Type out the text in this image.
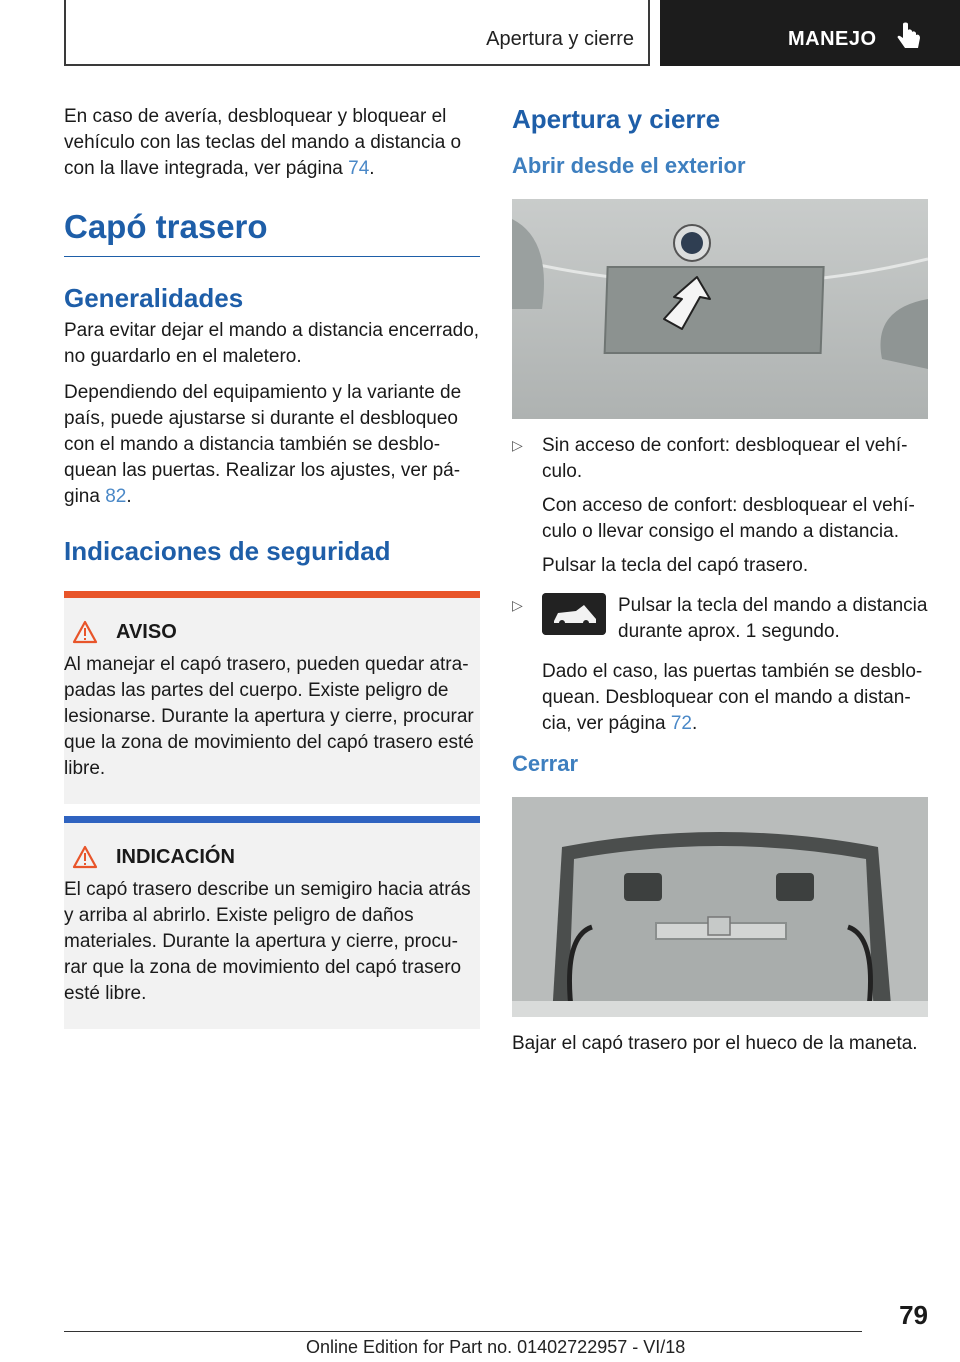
Apertura y cierre	MANEJO

En caso de avería, desbloquear y bloquear el vehículo con las teclas del mando a distancia o con la llave integrada, ver página 74.

Capó trasero
Generalidades

Para evitar dejar el mando a distancia encerrado, no guardarlo en el maletero.

Dependiendo del equipamiento y la variante de país, puede ajustarse si durante el desbloqueo con el mando a distancia también se desbloquean las puertas. Realizar los ajustes, ver página 82.

Indicaciones de seguridad
AVISO

Al manejar el capó trasero, pueden quedar atrapadas las partes del cuerpo. Existe peligro de lesionarse. Durante la apertura y cierre, procurar que la zona de movimiento del capó trasero esté libre.

INDICACIÓN

El capó trasero describe un semigiro hacia atrás y arriba al abrirlo. Existe peligro de daños materiales. Durante la apertura y cierre, procurar que la zona de movimiento del capó trasero esté libre.

Apertura y cierre
Abrir desde el exterior
▷ Sin acceso de confort: desbloquear el vehículo.

Con acceso de confort: desbloquear el vehículo o llevar consigo el mando a distancia.

Pulsar la tecla del capó trasero.

▷	Pulsar la tecla del mando a distancia durante aprox. 1 segundo.

Dado el caso, las puertas también se desbloquean. Desbloquear con el mando a distancia, ver página 72.

Cerrar

Bajar el capó trasero por el hueco de la maneta.

79
Online Edition for Part no. 01402722957 - VI/18
